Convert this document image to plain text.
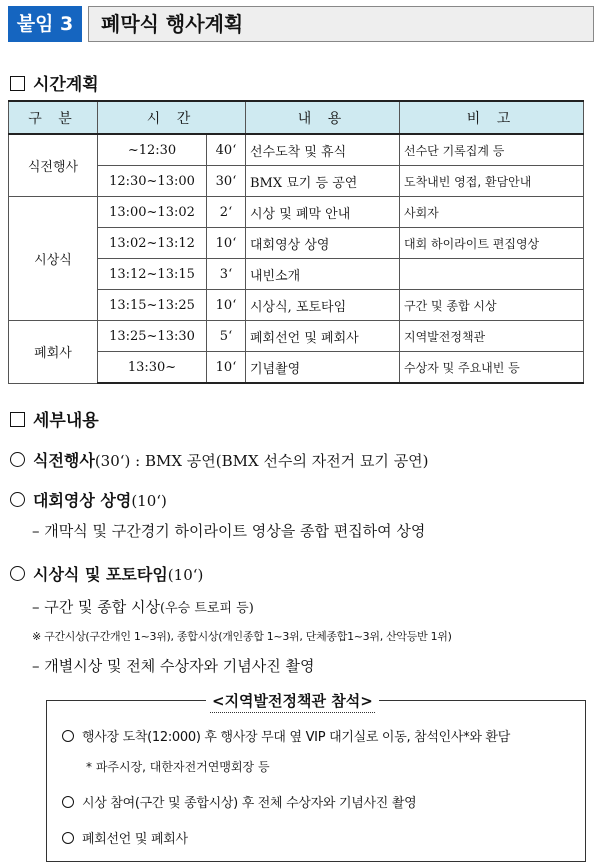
붙임 3	폐막식 행사계획
시간계획
구 분	시 간		내 용	비 고
식전행사	~12:30	40‘	선수도착 및 휴식	선수단 기록집계 등
	12:30~13:00	30‘	BMX 묘기 등 공연	도착내빈 영접, 환담안내
시상식	13:00~13:02	2‘	시상 및 폐막 안내	사회자
	13:02~13:12	10‘	대회영상 상영	대회 하이라이트 편집영상
	13:12~13:15	3‘	내빈소개	
	13:15~13:25	10‘	시상식, 포토타임	구간 및 종합 시상
폐회사	13:25~13:30	5‘	폐회선언 및 폐회사	지역발전정책관
	13:30~	10‘	기념촬영	수상자 및 주요내빈 등
세부내용
식전행사(30‘) : BMX 공연(BMX 선수의 자전거 묘기 공연)
대회영상 상영(10‘)
– 개막식 및 구간경기 하이라이트 영상을 종합 편집하여 상영
시상식 및 포토타임(10‘)
– 구간 및 종합 시상(우승 트로피 등)
※ 구간시상(구간개인 1~3위), 종합시상(개인종합 1~3위, 단체종합1~3위, 산악등반 1위)
– 개별시상 및 전체 수상자와 기념사진 촬영
<지역발전정책관 참석>
행사장 도착(12:000) 후 행사장 무대 옆 VIP 대기실로 이동, 참석인사*와 환담
* 파주시장, 대한자전거연맹회장 등
시상 참여(구간 및 종합시상) 후 전체 수상자와 기념사진 촬영
폐회선언 및 폐회사
